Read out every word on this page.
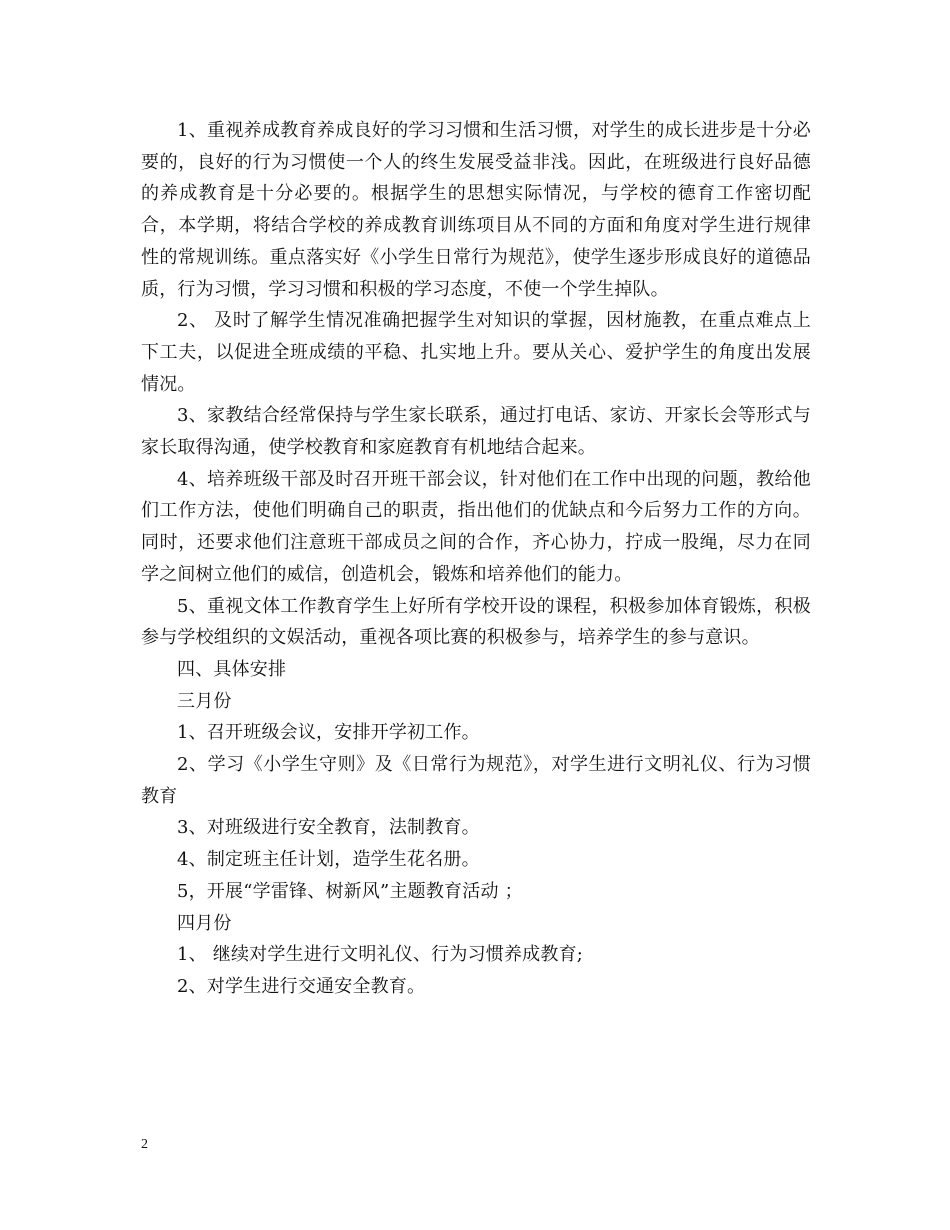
1、重视养成教育养成良好的学习习惯和生活习惯，对学生的成长进步是十分必要的，良好的行为习惯使一个人的终生发展受益非浅。因此，在班级进行良好品德的养成教育是十分必要的。根据学生的思想实际情况，与学校的德育工作密切配合，本学期，将结合学校的养成教育训练项目从不同的方面和角度对学生进行规律性的常规训练。重点落实好《小学生日常行为规范》，使学生逐步形成良好的道德品质，行为习惯，学习习惯和积极的学习态度，不使一个学生掉队。

2、 及时了解学生情况准确把握学生对知识的掌握，因材施教，在重点难点上下工夫，以促进全班成绩的平稳、扎实地上升。要从关心、爱护学生的角度出发展情况。

3、家教结合经常保持与学生家长联系，通过打电话、家访、开家长会等形式与家长取得沟通，使学校教育和家庭教育有机地结合起来。

4、培养班级干部及时召开班干部会议，针对他们在工作中出现的问题，教给他们工作方法，使他们明确自己的职责，指出他们的优缺点和今后努力工作的方向。同时，还要求他们注意班干部成员之间的合作，齐心协力，拧成一股绳，尽力在同学之间树立他们的威信，创造机会，锻炼和培养他们的能力。

5、重视文体工作教育学生上好所有学校开设的课程，积极参加体育锻炼，积极参与学校组织的文娱活动，重视各项比赛的积极参与，培养学生的参与意识。

四、具体安排

三月份

1、召开班级会议，安排开学初工作。

2、学习《小学生守则》及《日常行为规范》，对学生进行文明礼仪、行为习惯教育

3、对班级进行安全教育，法制教育。

4、制定班主任计划，造学生花名册。

5，开展“学雷锋、树新风”主题教育活动 ；

四月份

1、 继续对学生进行文明礼仪、行为习惯养成教育;

2、对学生进行交通安全教育。

2
